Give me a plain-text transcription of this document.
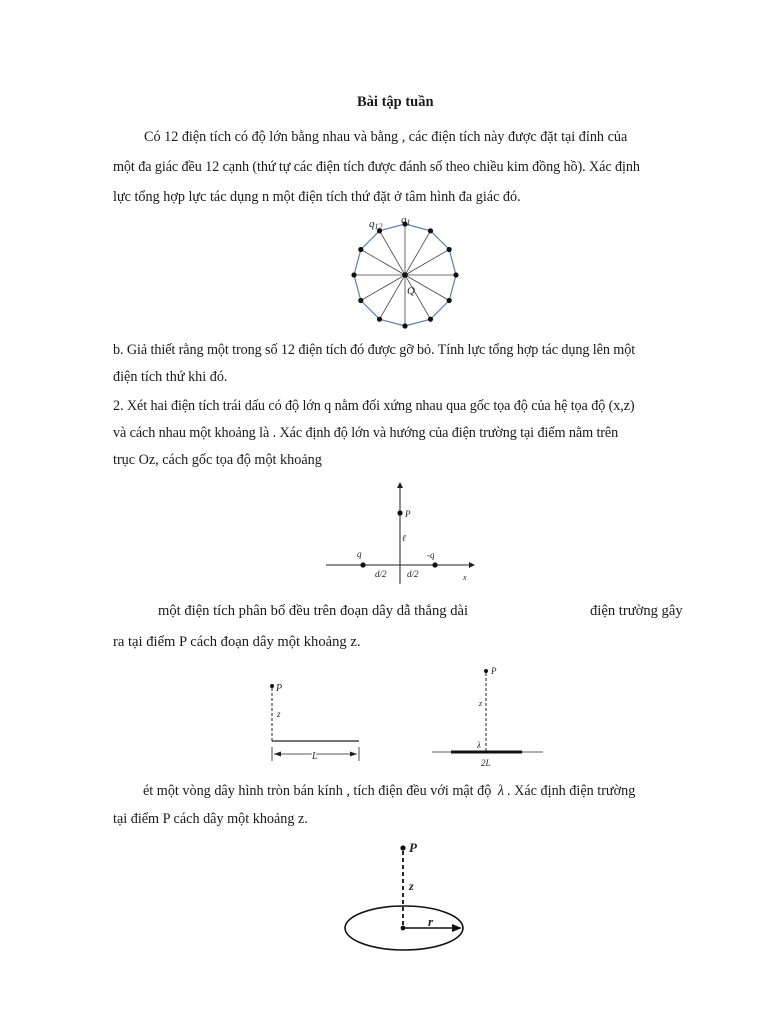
Bài tập tuần
Có 12 điện tích có độ lớn bằng nhau và bằng , các điện tích này được đặt tại đỉnh của
một đa giác đều 12 cạnh (thứ tự các điện tích được đánh số theo chiều kim đồng hồ). Xác định
lực tổng hợp lực tác dụng n một điện tích thứ đặt ở tâm hình đa giác đó.
q12
q1
Q
b. Giả thiết rằng một trong số 12 điện tích đó được gỡ bỏ. Tính lực tổng hợp tác dụng lên một
điện tích thứ khi đó.
2. Xét hai điện tích trái dấu có độ lớn q nằm đối xứng nhau qua gốc tọa độ của hệ tọa độ (x,z)
và cách nhau một khoảng là . Xác định độ lớn và hướng của điện trường tại điểm nằm trên
trục Oz, cách gốc tọa độ một khoảng
P
ℓ
q	-q
d/2 d/2	x
một điện tích phân bố đều trên đoạn dây dẫ thẳng dài	điện trường gây
ra tại điểm P cách đoạn dây một khoảng z.
P
z
L
P
z
λ
2L
ét một vòng dây hình tròn bán kính , tích điện đều với mật độ λ . Xác định điện trường
tại điểm P cách dây một khoảng z.
P
z
r
